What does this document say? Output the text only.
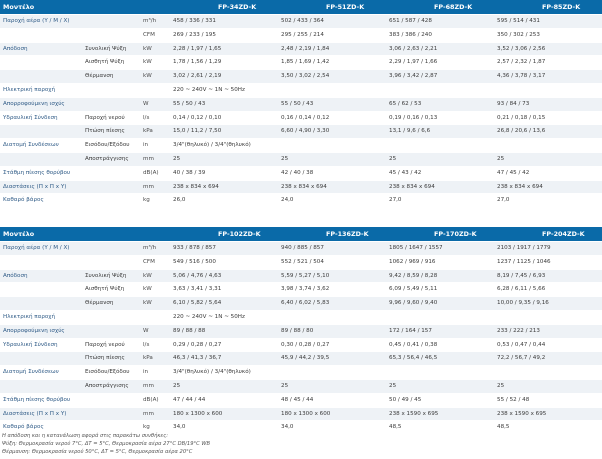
Μοντέλο			FP-34ZD-K	FP-51ZD-K	FP-68ZD-K	FP-85ZD-K
Παροχή αέρα (Υ / Μ / Χ)		m³/h	458 / 336 / 331	502 / 433 / 364	651 / 587 / 428	595 / 514 / 431
		CFM	269 / 233 / 195	295 / 255 / 214	383 / 386 / 240	350 / 302 / 253
Απόδοση	Συνολική Ψύξη	kW	2,28 / 1,97 / 1,65	2,48 / 2,19 / 1,84	3,06 / 2,63 / 2,21	3,52 / 3,06 / 2,56
	Αισθητή Ψύξη	kW	1,78 / 1,56 / 1,29	1,85 / 1,69 / 1,42	2,29 / 1,97 / 1,66	2,57 / 2,32 / 1,87
	Θέρμανση	kW	3,02 / 2,61 / 2,19	3,50 / 3,02 / 2,54	3,96 / 3,42 / 2,87	4,36 / 3,78 / 3,17
Ηλεκτρική παροχή			220 ~ 240V ~ 1N ~ 50Hz			
Απορροφούμενη ισχύς		W	55 / 50 / 43	55 / 50 / 43	65 / 62 / 53	93 / 84 / 73
Υδραυλική Σύνδεση	Παροχή νερού	l/s	0,14 / 0,12 / 0,10	0,16 / 0,14 / 0,12	0,19 / 0,16 / 0,13	0,21 / 0,18 / 0,15
	Πτώση πίεσης	kPa	15,0 / 11,2 / 7,50	6,60 / 4,90 / 3,30	13,1 / 9,6 / 6,6	26,8 / 20,6 / 13,6
Διατομή Συνδέσεων	Εισόδου/Εξόδου	in	3/4"(θηλυκό) / 3/4"(θηλυκό)			
	Αποστράγγισης	mm	25	25	25	25
Στάθμη πίεσης θορύβου		dB(A)	40 / 38 / 39	42 / 40 / 38	45 / 43 / 42	47 / 45 / 42
Διαστάσεις (Π x Π x Υ)		mm	238 x 834 x 694	238 x 834 x 694	238 x 834 x 694	238 x 834 x 694
Καθαρό βάρος		kg	26,0	24,0	27,0	27,0
Μοντέλο			FP-102ZD-K	FP-136ZD-K	FP-170ZD-K	FP-204ZD-K
Παροχή αέρα (Υ / Μ / Χ)		m³/h	933 / 878 / 857	940 / 885 / 857	1805 / 1647 / 1557	2103 / 1917 / 1779
		CFM	549 / 516 / 500	552 / 521 / 504	1062 / 969 / 916	1237 / 1125 / 1046
Απόδοση	Συνολική Ψύξη	kW	5,06 / 4,76 / 4,63	5,59 / 5,27 / 5,10	9,42 / 8,59 / 8,28	8,19 / 7,45 / 6,93
	Αισθητή Ψύξη	kW	3,63 / 3,41 / 3,31	3,98 / 3,74 / 3,62	6,09 / 5,49 / 5,11	6,28 / 6,11 / 5,66
	Θέρμανση	kW	6,10 / 5,82 / 5,64	6,40 / 6,02 / 5,83	9,96 / 9,60 / 9,40	10,00 / 9,35 / 9,16
Ηλεκτρική παροχή			220 ~ 240V ~ 1N ~ 50Hz			
Απορροφούμενη ισχύς		W	89 / 88 / 88	89 / 88 / 80	172 / 164 / 157	233 / 222 / 213
Υδραυλική Σύνδεση	Παροχή νερού	l/s	0,29 / 0,28 / 0,27	0,30 / 0,28 / 0,27	0,45 / 0,41 / 0,38	0,53 / 0,47 / 0,44
	Πτώση πίεσης	kPa	46,3 / 41,3 / 36,7	45,9 / 44,2 / 39,5	65,3 / 56,4 / 46,5	72,2 / 56,7 / 49,2
Διατομή Συνδέσεων	Εισόδου/Εξόδου	in	3/4"(θηλυκό) / 3/4"(θηλυκό)			
	Αποστράγγισης	mm	25	25	25	25
Στάθμη πίεσης θορύβου		dB(A)	47 / 44 / 44	48 / 45 / 44	50 / 49 / 45	55 / 52 / 48
Διαστάσεις (Π x Π x Υ)		mm	180 x 1300 x 600	180 x 1300 x 600	238 x 1590 x 695	238 x 1590 x 695
Καθαρό βάρος		kg	34,0	34,0	48,5	48,5
Η απόδοση και η κατανάλωση αφορά στις παρακάτω συνθήκες:
Ψύξη: Θερμοκρασία νερού 7°C, ΔΤ = 5°C, Θερμοκρασία αέρα 27°C DB/19°C WB
Θέρμανση: Θερμοκρασία νερού 50°C, ΔΤ = 5°C, Θερμοκρασία αέρα 20°C
